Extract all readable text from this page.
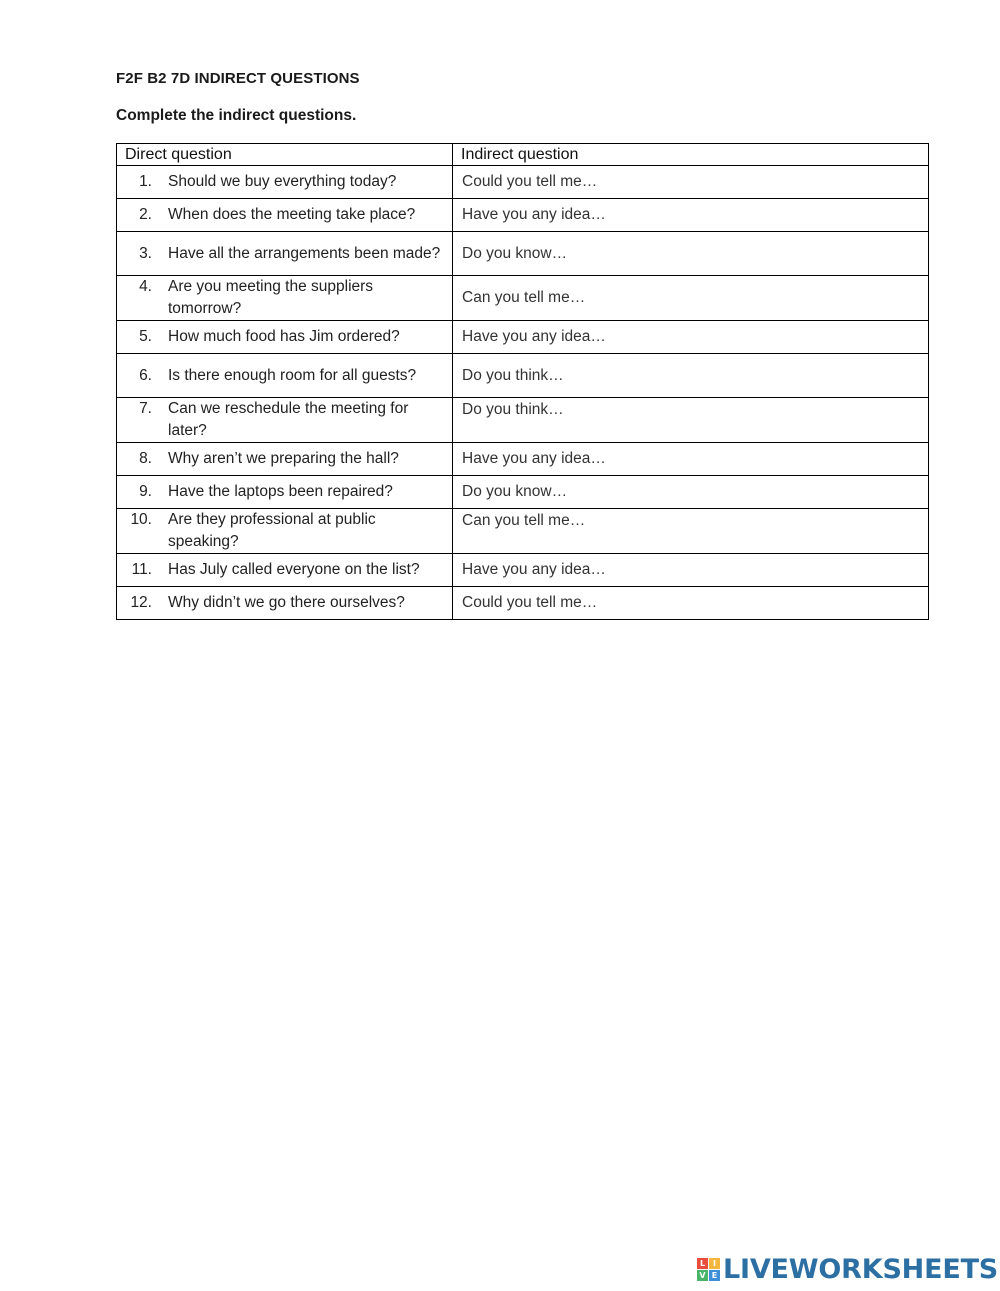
F2F B2 7D INDIRECT QUESTIONS
Complete the indirect questions.
Direct question	Indirect question

1. Should we buy everything today?	Could you tell me…

2. When does the meeting take place?	Have you any idea…

3. Have all the arrangements been made?	Do you know…

4. Are you meeting the suppliers tomorrow?	Can you tell me…

5. How much food has Jim ordered?	Have you any idea…

6. Is there enough room for all guests?	Do you think…

7. Can we reschedule the meeting for later?	Do you think…

8. Why aren’t we preparing the hall?	Have you any idea…

9. Have the laptops been repaired?	Do you know…

10. Are they professional at public speaking?	Can you tell me…

11. Has July called everyone on the list?	Have you any idea…

12. Why didn’t we go there ourselves?	Could you tell me…
L I
V E LIVEWORKSHEETS
